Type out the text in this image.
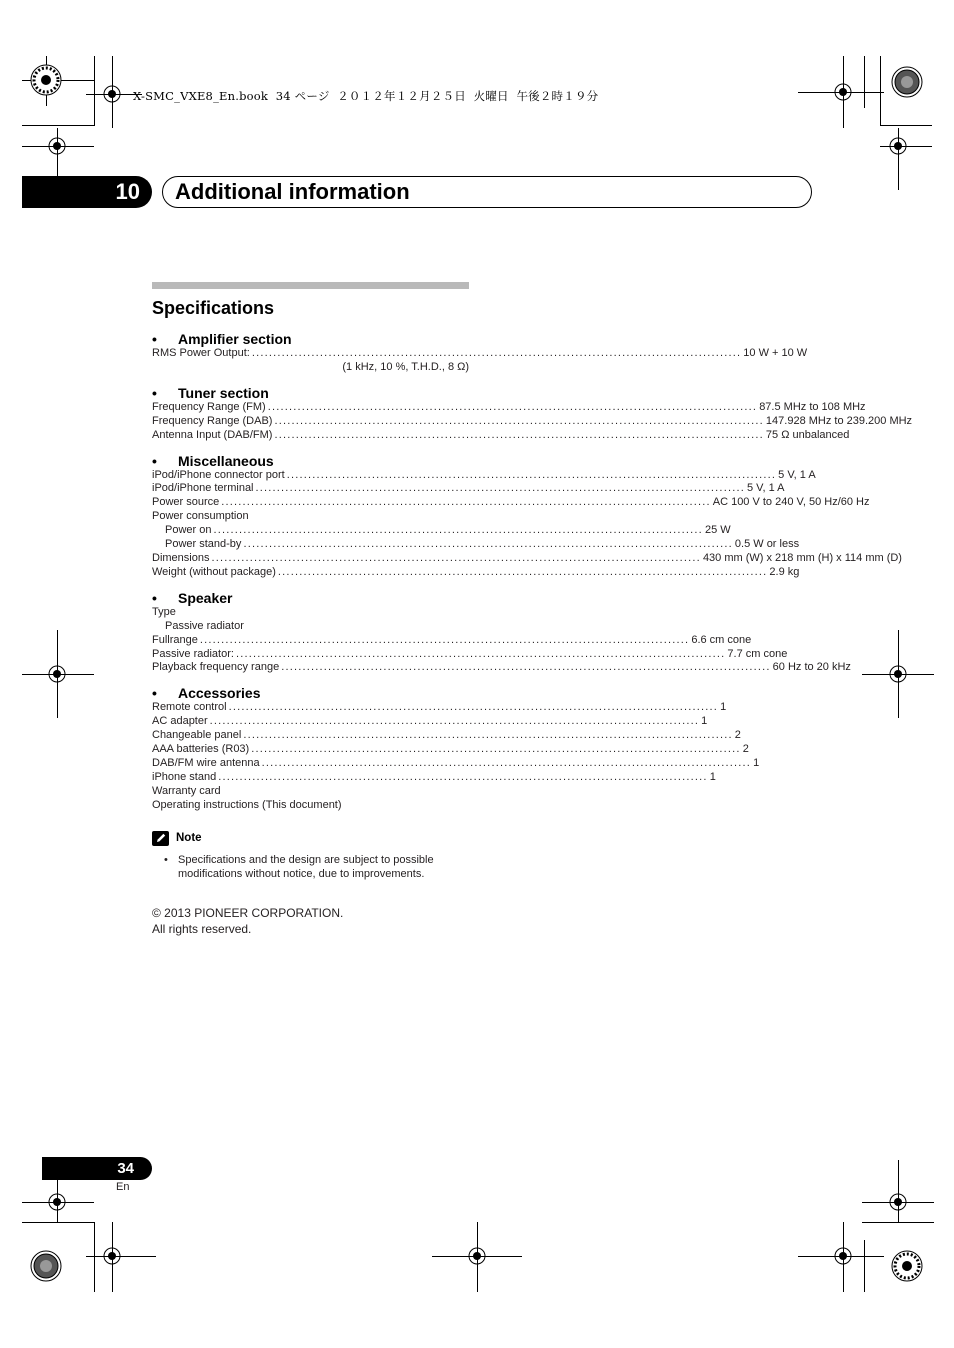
X-SMC_VXE8_En.book  34 ページ  ２０１２年１２月２５日  火曜日  午後２時１９分
10	Additional information
Specifications
•	Amplifier section
RMS Power Output: ................................................................................................................... 10 W + 10 W
(1 kHz, 10 %, T.H.D., 8 Ω)
•	Tuner section
Frequency Range (FM) ................................................................................................................... 87.5 MHz to 108 MHz
Frequency Range (DAB) ................................................................................................................... 147.928 MHz to 239.200 MHz
Antenna Input (DAB/FM) ................................................................................................................... 75 Ω unbalanced
•	Miscellaneous
iPod/iPhone connector port ................................................................................................................... 5 V, 1 A
iPod/iPhone terminal ................................................................................................................... 5 V, 1 A
Power source ................................................................................................................... AC 100 V to 240 V, 50 Hz/60 Hz
Power consumption
Power on ................................................................................................................... 25 W
Power stand-by ................................................................................................................... 0.5 W or less
Dimensions ................................................................................................................... 430 mm (W) x 218 mm (H) x 114 mm (D)
Weight (without package) ................................................................................................................... 2.9 kg
•	Speaker
Type
Passive radiator
Fullrange ................................................................................................................... 6.6 cm cone
Passive radiator: ................................................................................................................... 7.7 cm cone
Playback frequency range ................................................................................................................... 60 Hz to 20 kHz
•	Accessories
Remote control ................................................................................................................... 1
AC adapter ................................................................................................................... 1
Changeable panel ................................................................................................................... 2
AAA batteries (R03) ................................................................................................................... 2
DAB/FM wire antenna ................................................................................................................... 1
iPhone stand ................................................................................................................... 1
Warranty card
Operating instructions (This document)
Note
• Specifications and the design are subject to possible modifications without notice, due to improvements.
© 2013 PIONEER CORPORATION.
All rights reserved.
34
En
